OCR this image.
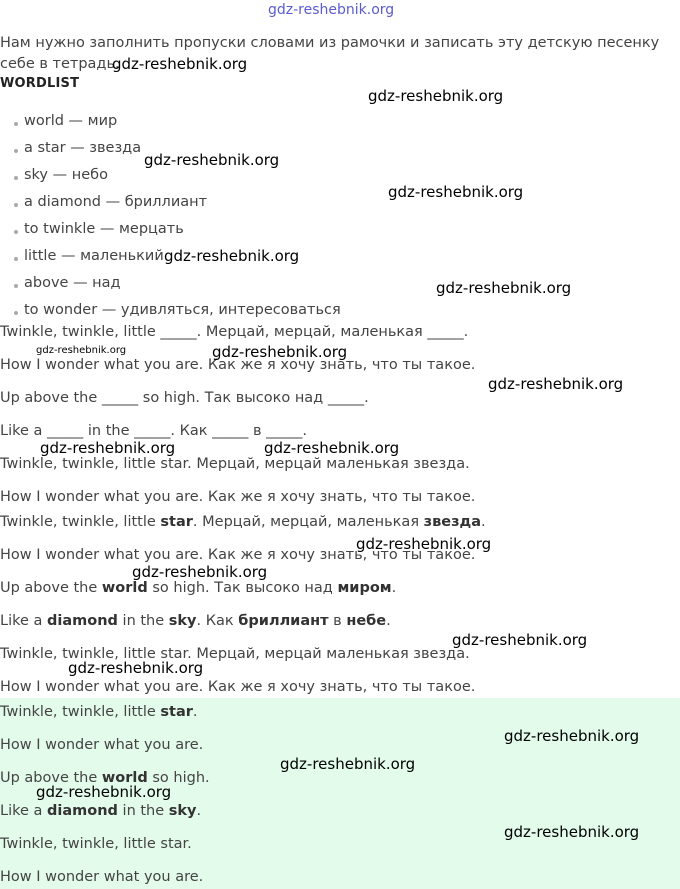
gdz-reshebnik.org
Нам нужно заполнить пропуски словами из рамочки и записать эту детскую песенку себе в тетрадь.
WORDLIST
world — мир
a star — звезда
sky — небо
a diamond — бриллиант
to twinkle — мерцать
little — маленький
above — над
to wonder — удивляться, интересоваться
Twinkle, twinkle, little _____. Мерцай, мерцай, маленькая _____.
How I wonder what you are. Как же я хочу знать, что ты такое.
Up above the _____ so high. Так высоко над _____.
Like a _____ in the _____. Как _____ в _____.
Twinkle, twinkle, little star. Мерцай, мерцай маленькая звезда.
How I wonder what you are. Как же я хочу знать, что ты такое.
Twinkle, twinkle, little star. Мерцай, мерцай, маленькая звезда.
How I wonder what you are. Как же я хочу знать, что ты такое.
Up above the world so high. Так высоко над миром.
Like a diamond in the sky. Как бриллиант в небе.
Twinkle, twinkle, little star. Мерцай, мерцай маленькая звезда.
How I wonder what you are. Как же я хочу знать, что ты такое.
Twinkle, twinkle, little star.
How I wonder what you are.
Up above the world so high.
Like a diamond in the sky.
Twinkle, twinkle, little star.
How I wonder what you are.
gdz-reshebnik.org
gdz-reshebnik.org
gdz-reshebnik.org
gdz-reshebnik.org
gdz-reshebnik.org
gdz-reshebnik.org
gdz-reshebnik.org	gdz-reshebnik.org
gdz-reshebnik.org
gdz-reshebnik.org	gdz-reshebnik.org
gdz-reshebnik.org
gdz-reshebnik.org
gdz-reshebnik.org
gdz-reshebnik.org
gdz-reshebnik.org
gdz-reshebnik.org
gdz-reshebnik.org
gdz-reshebnik.org
